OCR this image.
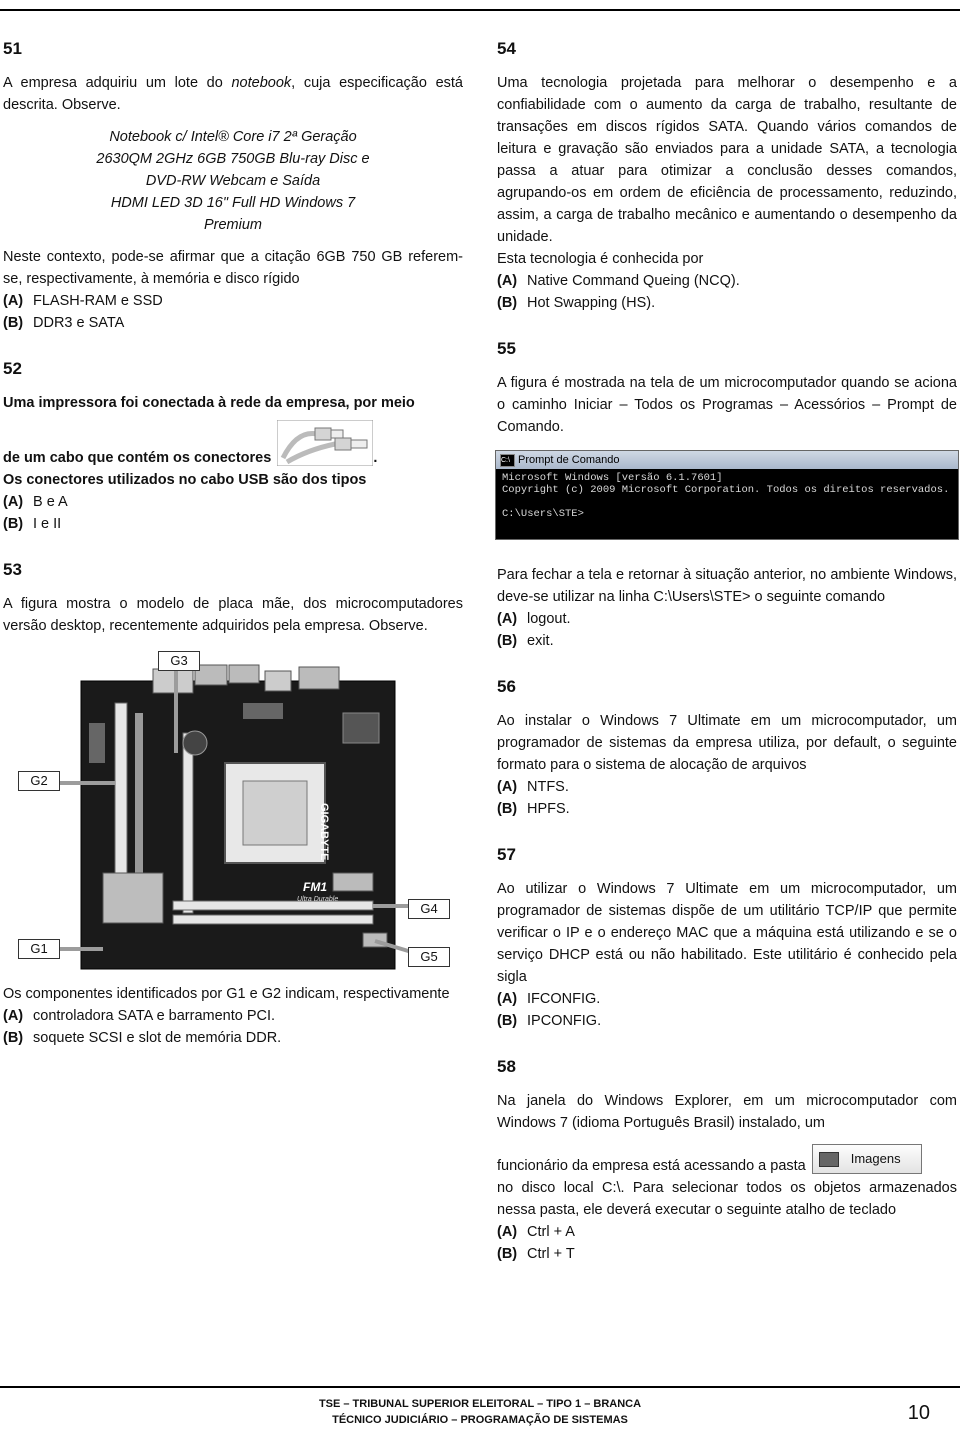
51

A empresa adquiriu um lote do notebook, cuja especificação está descrita. Observe.

Notebook c/ Intel® Core i7 2ª Geração
2630QM 2GHz 6GB 750GB Blu-ray Disc e
DVD-RW Webcam e Saída
HDMI LED 3D 16" Full HD Windows 7
Premium

Neste contexto, pode-se afirmar que a citação 6GB 750 GB referem-se, respectivamente, à memória e disco rígido

(A) FLASH-RAM e SSD

(B) DDR3 e SATA

52

Uma impressora foi conectada à rede da empresa, por meio

de um cabo que contém os conectores	.

Os conectores utilizados no cabo USB são dos tipos

(A) B e A

(B) I e II

53

A figura mostra o modelo de placa mãe, dos microcomputadores versão desktop, recentemente adquiridos pela empresa. Observe.

GIGABYTE
FM1
Ultra Durable
G3
G2
G1
G4
G5

Os componentes identificados por G1 e G2 indicam, respectivamente

(A) controladora SATA e barramento PCI.

(B) soquete SCSI e slot de memória DDR.

54

Uma tecnologia projetada para melhorar o desempenho e a confiabilidade com o aumento da carga de trabalho, resultante de transações em discos rígidos SATA. Quando vários comandos de leitura e gravação são enviados para a unidade SATA, a tecnologia passa a atuar para otimizar a conclusão desses comandos, agrupando-os em ordem de eficiência de processamento, reduzindo, assim, a carga de trabalho mecânico e aumentando o desempenho da unidade.

Esta tecnologia é conhecida por

(A) Native Command Queing (NCQ).

(B) Hot Swapping (HS).

55

A figura é mostrada na tela de um microcomputador quando se aciona o caminho Iniciar – Todos os Programas – Acessórios – Prompt de Comando.

C:\ Prompt de Comando
Microsoft Windows [versão 6.1.7601]
Copyright (c) 2009 Microsoft Corporation. Todos os direitos reservados.

C:\Users\STE>

Para fechar a tela e retornar à situação anterior, no ambiente Windows, deve-se utilizar na linha C:\Users\STE> o seguinte comando

(A) logout.

(B) exit.

56

Ao instalar o Windows 7 Ultimate em um microcomputador, um programador de sistemas da empresa utiliza, por default, o seguinte formato para o sistema de alocação de arquivos

(A) NTFS.

(B) HPFS.

57

Ao utilizar o Windows 7 Ultimate em um microcomputador, um programador de sistemas dispõe de um utilitário TCP/IP que permite verificar o IP e o endereço MAC que a máquina está utilizando e se o serviço DHCP está ou não habilitado. Este utilitário é conhecido pela sigla

(A) IFCONFIG.

(B) IPCONFIG.

58

Na janela do Windows Explorer, em um microcomputador com Windows 7 (idioma Português Brasil) instalado, um

funcionário da empresa está acessando a pasta	Imagens

no disco local C:\. Para selecionar todos os objetos armazenados nessa pasta, ele deverá executar o seguinte atalho de teclado

(A) Ctrl + A

(B) Ctrl + T

TSE – TRIBUNAL SUPERIOR ELEITORAL – TIPO 1 – BRANCA
TÉCNICO JUDICIÁRIO – PROGRAMAÇÃO DE SISTEMAS	10
